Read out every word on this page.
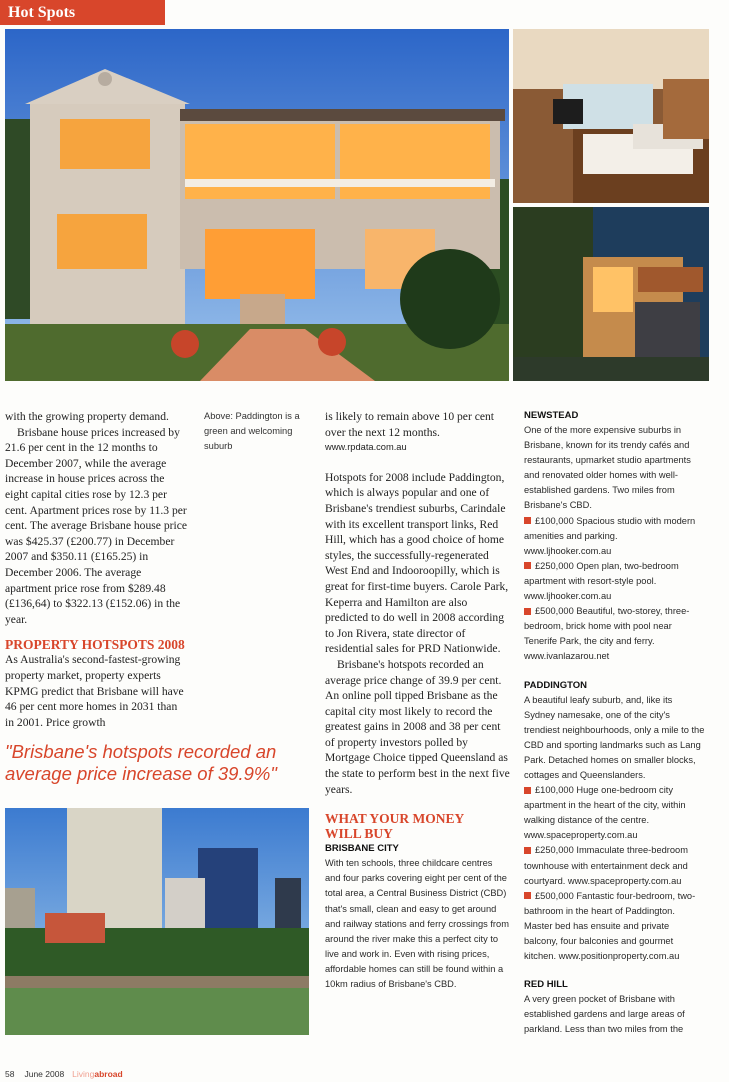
Hot Spots

with the growing property demand.

Brisbane house prices increased by 21.6 per cent in the 12 months to December 2007, while the average increase in house prices across the eight capital cities rose by 12.3 per cent. Apartment prices rose by 11.3 per cent. The average Brisbane house price was $425.37 (£200.77) in December 2007 and $350.11 (£165.25) in December 2006. The average apartment price rose from $289.48 (£136,64) to $322.13 (£152.06) in the year.

PROPERTY HOTSPOTS 2008

As Australia's second-fastest-growing property market, property experts KPMG predict that Brisbane will have 46 per cent more homes in 2031 than in 2001. Price growth

Above: Paddington is a green and welcoming suburb
"Brisbane's hotspots recorded an average price increase of 39.9%"

is likely to remain above 10 per cent over the next 12 months.

www.rpdata.com.au

Hotspots for 2008 include Paddington, which is always popular and one of Brisbane's trendiest suburbs, Carindale with its excellent transport links, Red Hill, which has a good choice of home styles, the successfully-regenerated West End and Indooroopilly, which is great for first-time buyers. Carole Park, Keperra and Hamilton are also predicted to do well in 2008 according to Jon Rivera, state director of residential sales for PRD Nationwide.

Brisbane's hotspots recorded an average price change of 39.9 per cent. An online poll tipped Brisbane as the capital city most likely to record the greatest gains in 2008 and 38 per cent of property investors polled by Mortgage Choice tipped Queensland as the state to perform best in the next five years.

WHAT YOUR MONEY WILL BUY
BRISBANE CITY

With ten schools, three childcare centres and four parks covering eight per cent of the total area, a Central Business District (CBD) that's small, clean and easy to get around and railway stations and ferry crossings from around the river make this a perfect city to live and work in. Even with rising prices, affordable homes can still be found within a 10km radius of Brisbane's CBD.

NEWSTEAD

One of the more expensive suburbs in Brisbane, known for its trendy cafés and restaurants, upmarket studio apartments and renovated older homes with well-established gardens. Two miles from Brisbane's CBD.

£100,000 Spacious studio with modern amenities and parking.

www.ljhooker.com.au

£250,000 Open plan, two-bedroom apartment with resort-style pool.

www.ljhooker.com.au

£500,000 Beautiful, two-storey, three-bedroom, brick home with pool near Tenerife Park, the city and ferry.

www.ivanlazarou.net

PADDINGTON

A beautiful leafy suburb, and, like its Sydney namesake, one of the city's trendiest neighbourhoods, only a mile to the CBD and sporting landmarks such as Lang Park. Detached homes on smaller blocks, cottages and Queenslanders.

£100,000 Huge one-bedroom city apartment in the heart of the city, within walking distance of the centre.

www.spaceproperty.com.au

£250,000 Immaculate three-bedroom townhouse with entertainment deck and courtyard. www.spaceproperty.com.au

£500,000 Fantastic four-bedroom, two-bathroom in the heart of Paddington. Master bed has ensuite and private balcony, four balconies and gourmet kitchen. www.positionproperty.com.au

RED HILL

A very green pocket of Brisbane with established gardens and large areas of parkland. Less than two miles from the

58 June 2008 Livingabroad
